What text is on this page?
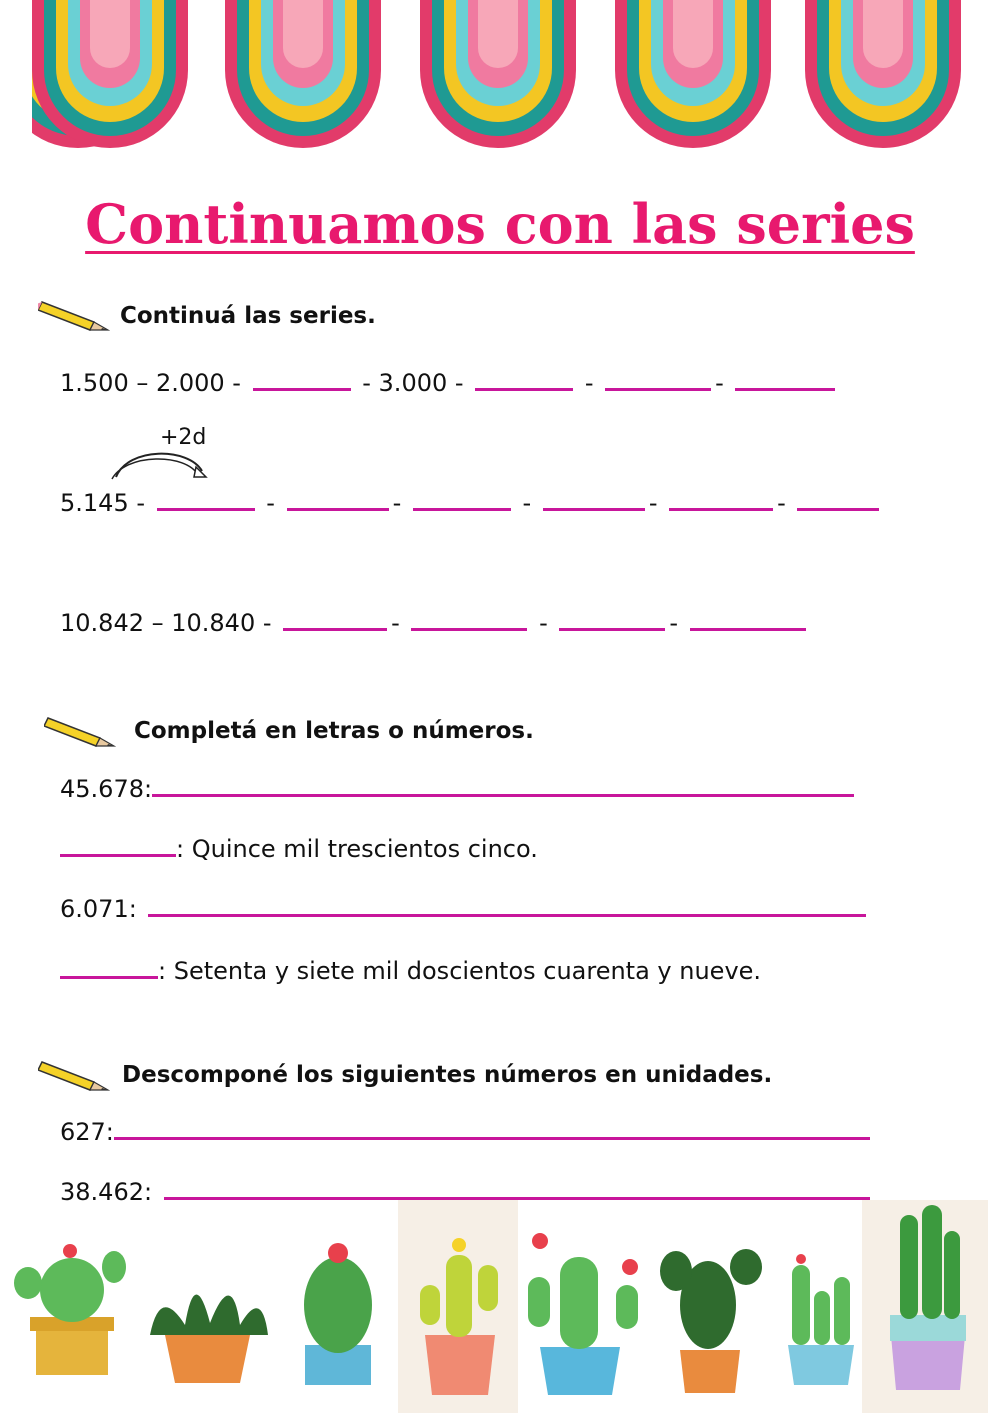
Continuamos con las series
Continuá las series.
1.500 – 2.000 -	- 3.000 -	-	-
+2d
5.145 -	-	-	-	-	-
10.842 – 10.840 -	-	-	-
Completá en letras o números.
45.678:
: Quince mil trescientos cinco.
6.071:
: Setenta y siete mil doscientos cuarenta y nueve.
Descomponé los siguientes números en unidades.
627:
38.462:
